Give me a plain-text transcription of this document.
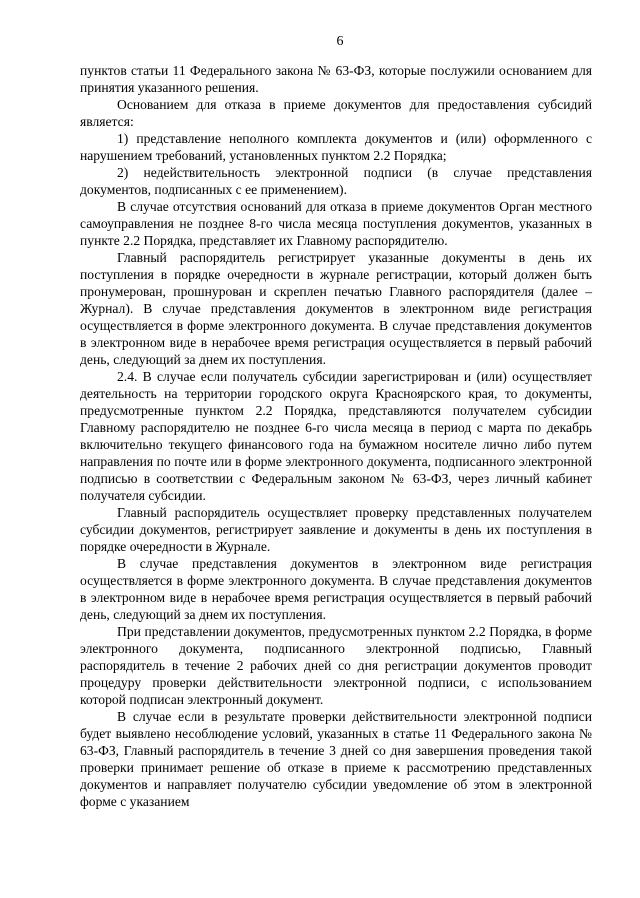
6

пунктов статьи 11 Федерального закона № 63-ФЗ, которые послужили основанием для принятия указанного решения.

Основанием для отказа в приеме документов для предоставления субсидий является:

1) представление неполного комплекта документов и (или) оформленного с нарушением требований, установленных пунктом 2.2 Порядка;

2) недействительность электронной подписи (в случае представления документов, подписанных с ее применением).

В случае отсутствия оснований для отказа в приеме документов Орган местного самоуправления не позднее 8-го числа месяца поступления документов, указанных в пункте 2.2 Порядка, представляет их Главному распорядителю.

Главный распорядитель регистрирует указанные документы в день их поступления в порядке очередности в журнале регистрации, который должен быть пронумерован, прошнурован и скреплен печатью Главного распорядителя (далее – Журнал). В случае представления документов в электронном виде регистрация осуществляется в форме электронного документа. В случае представления документов в электронном виде в нерабочее время регистрация осуществляется в первый рабочий день, следующий за днем их поступления.

2.4. В случае если получатель субсидии зарегистрирован и (или) осуществляет деятельность на территории городского округа Красноярского края, то документы, предусмотренные пунктом 2.2 Порядка, представляются получателем субсидии Главному распорядителю не позднее 6-го числа месяца в период с марта по декабрь включительно текущего финансового года на бумажном носителе лично либо путем направления по почте или в форме электронного документа, подписанного электронной подписью в соответствии с Федеральным законом № 63-ФЗ, через личный кабинет получателя субсидии.

Главный распорядитель осуществляет проверку представленных получателем субсидии документов, регистрирует заявление и документы в день их поступления в порядке очередности в Журнале.

В случае представления документов в электронном виде регистрация осуществляется в форме электронного документа. В случае представления документов в электронном виде в нерабочее время регистрация осуществляется в первый рабочий день, следующий за днем их поступления.

При представлении документов, предусмотренных пунктом 2.2 Порядка, в форме электронного документа, подписанного электронной подписью, Главный распорядитель в течение 2 рабочих дней со дня регистрации документов проводит процедуру проверки действительности электронной подписи, с использованием которой подписан электронный документ.

В случае если в результате проверки действительности электронной подписи будет выявлено несоблюдение условий, указанных в статье 11 Федерального закона № 63-ФЗ, Главный распорядитель в течение 3 дней со дня завершения проведения такой проверки принимает решение об отказе в приеме к рассмотрению представленных документов и направляет получателю субсидии уведомление об этом в электронной форме с указанием
